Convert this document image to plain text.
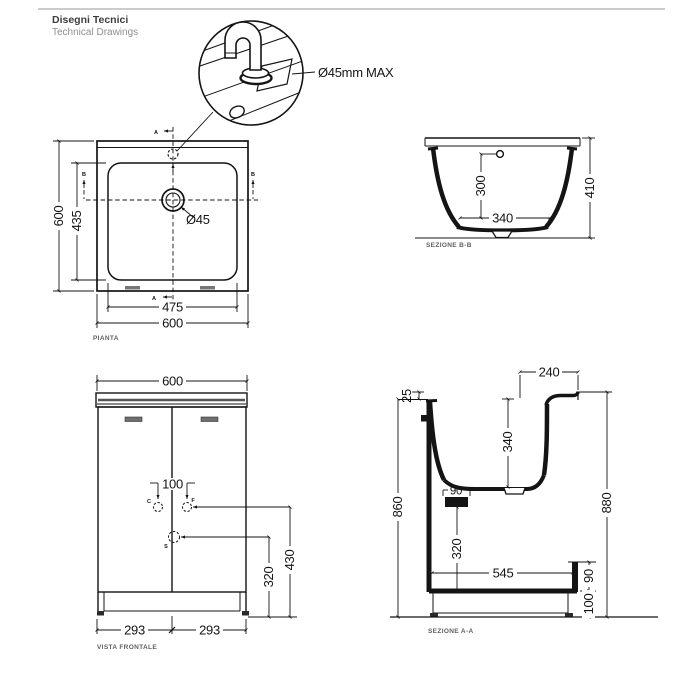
Disegni Tecnici
Technical Drawings
Ø45mm MAX
Ø45
A
A
B	B
600 435
475
600
PIANTA
300
340
410
SEZIONE B-B
600
100
C	F
S
430
320
293	293
VISTA FRONTALE
240
25
340
860	880
90
320
545	90
100
SEZIONE A-A
